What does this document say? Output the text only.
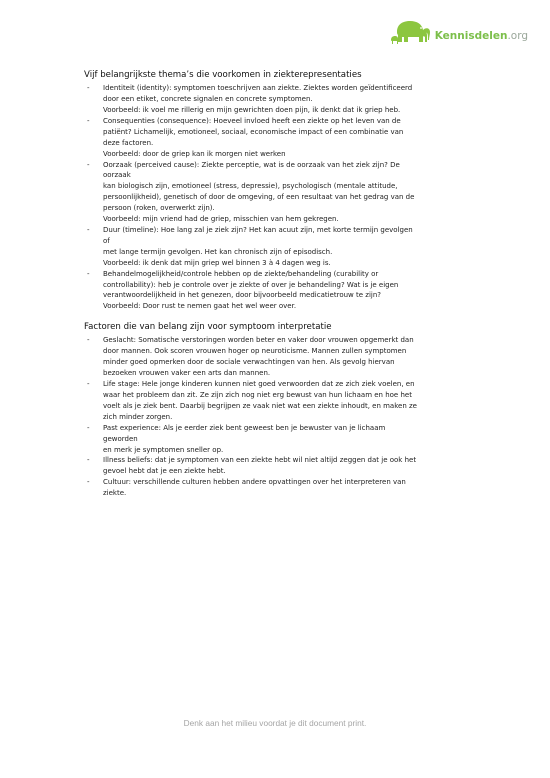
Kennisdelen.org
Vijf belangrijkste thema’s die voorkomen in ziekterepresentaties
- Identiteit (identity): symptomen toeschrijven aan ziekte. Ziektes worden geïdentificeerd
door een etiket, concrete signalen en concrete symptomen.
Voorbeeld: ik voel me rillerig en mijn gewrichten doen pijn, ik denkt dat ik griep heb.
- Consequenties (consequence): Hoeveel invloed heeft een ziekte op het leven van de
patiënt? Lichamelijk, emotioneel, sociaal, economische impact of een combinatie van
deze factoren.
Voorbeeld: door de griep kan ik morgen niet werken
- Oorzaak (perceived cause): Ziekte perceptie, wat is de oorzaak van het ziek zijn? De
oorzaak
kan biologisch zijn, emotioneel (stress, depressie), psychologisch (mentale attitude,
persoonlijkheid), genetisch of door de omgeving, of een resultaat van het gedrag van de
persoon (roken, overwerkt zijn).
Voorbeeld: mijn vriend had de griep, misschien van hem gekregen.
- Duur (timeline): Hoe lang zal je ziek zijn? Het kan acuut zijn, met korte termijn gevolgen
of
met lange termijn gevolgen. Het kan chronisch zijn of episodisch.
Voorbeeld: ik denk dat mijn griep wel binnen 3 à 4 dagen weg is.
- Behandelmogelijkheid/controle hebben op de ziekte/behandeling (curability or
controllability): heb je controle over je ziekte of over je behandeling? Wat is je eigen
verantwoordelijkheid in het genezen, door bijvoorbeeld medicatietrouw te zijn?
Voorbeeld: Door rust te nemen gaat het wel weer over.
Factoren die van belang zijn voor symptoom interpretatie
- Geslacht: Somatische verstoringen worden beter en vaker door vrouwen opgemerkt dan
door mannen. Ook scoren vrouwen hoger op neuroticisme. Mannen zullen symptomen
minder goed opmerken door de sociale verwachtingen van hen. Als gevolg hiervan
bezoeken vrouwen vaker een arts dan mannen.
- Life stage: Hele jonge kinderen kunnen niet goed verwoorden dat ze zich ziek voelen, en
waar het probleem dan zit. Ze zijn zich nog niet erg bewust van hun lichaam en hoe het
voelt als je ziek bent. Daarbij begrijpen ze vaak niet wat een ziekte inhoudt, en maken ze
zich minder zorgen.
- Past experience: Als je eerder ziek bent geweest ben je bewuster van je lichaam
geworden
en merk je symptomen sneller op.
- Illness beliefs: dat je symptomen van een ziekte hebt wil niet altijd zeggen dat je ook het
gevoel hebt dat je een ziekte hebt.
- Cultuur: verschillende culturen hebben andere opvattingen over het interpreteren van
ziekte.
Denk aan het milieu voordat je dit document print.
